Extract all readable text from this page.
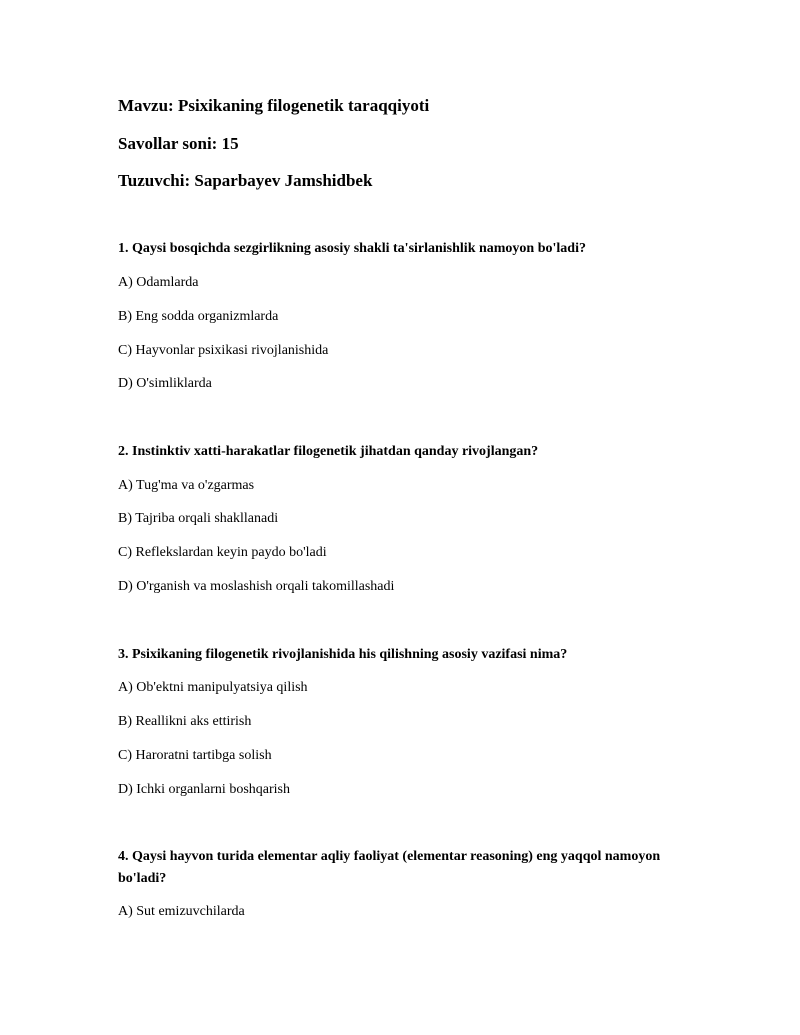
Mavzu: Psixikaning filogenetik taraqqiyoti
Savollar soni: 15
Tuzuvchi: Saparbayev Jamshidbek
1. Qaysi bosqichda sezgirlikning asosiy shakli ta'sirlanishlik namoyon bo'ladi?
A) Odamlarda
B) Eng sodda organizmlarda
C) Hayvonlar psixikasi rivojlanishida
D) O'simliklarda
2. Instinktiv xatti-harakatlar filogenetik jihatdan qanday rivojlangan?
A) Tug'ma va o'zgarmas
B) Tajriba orqali shakllanadi
C) Reflekslardan keyin paydo bo'ladi
D) O'rganish va moslashish orqali takomillashadi
3. Psixikaning filogenetik rivojlanishida his qilishning asosiy vazifasi nima?
A) Ob'ektni manipulyatsiya qilish
B) Reallikni aks ettirish
C) Haroratni tartibga solish
D) Ichki organlarni boshqarish
4. Qaysi hayvon turida elementar aqliy faoliyat (elementar reasoning) eng yaqqol namoyon bo'ladi?
A) Sut emizuvchilarda
